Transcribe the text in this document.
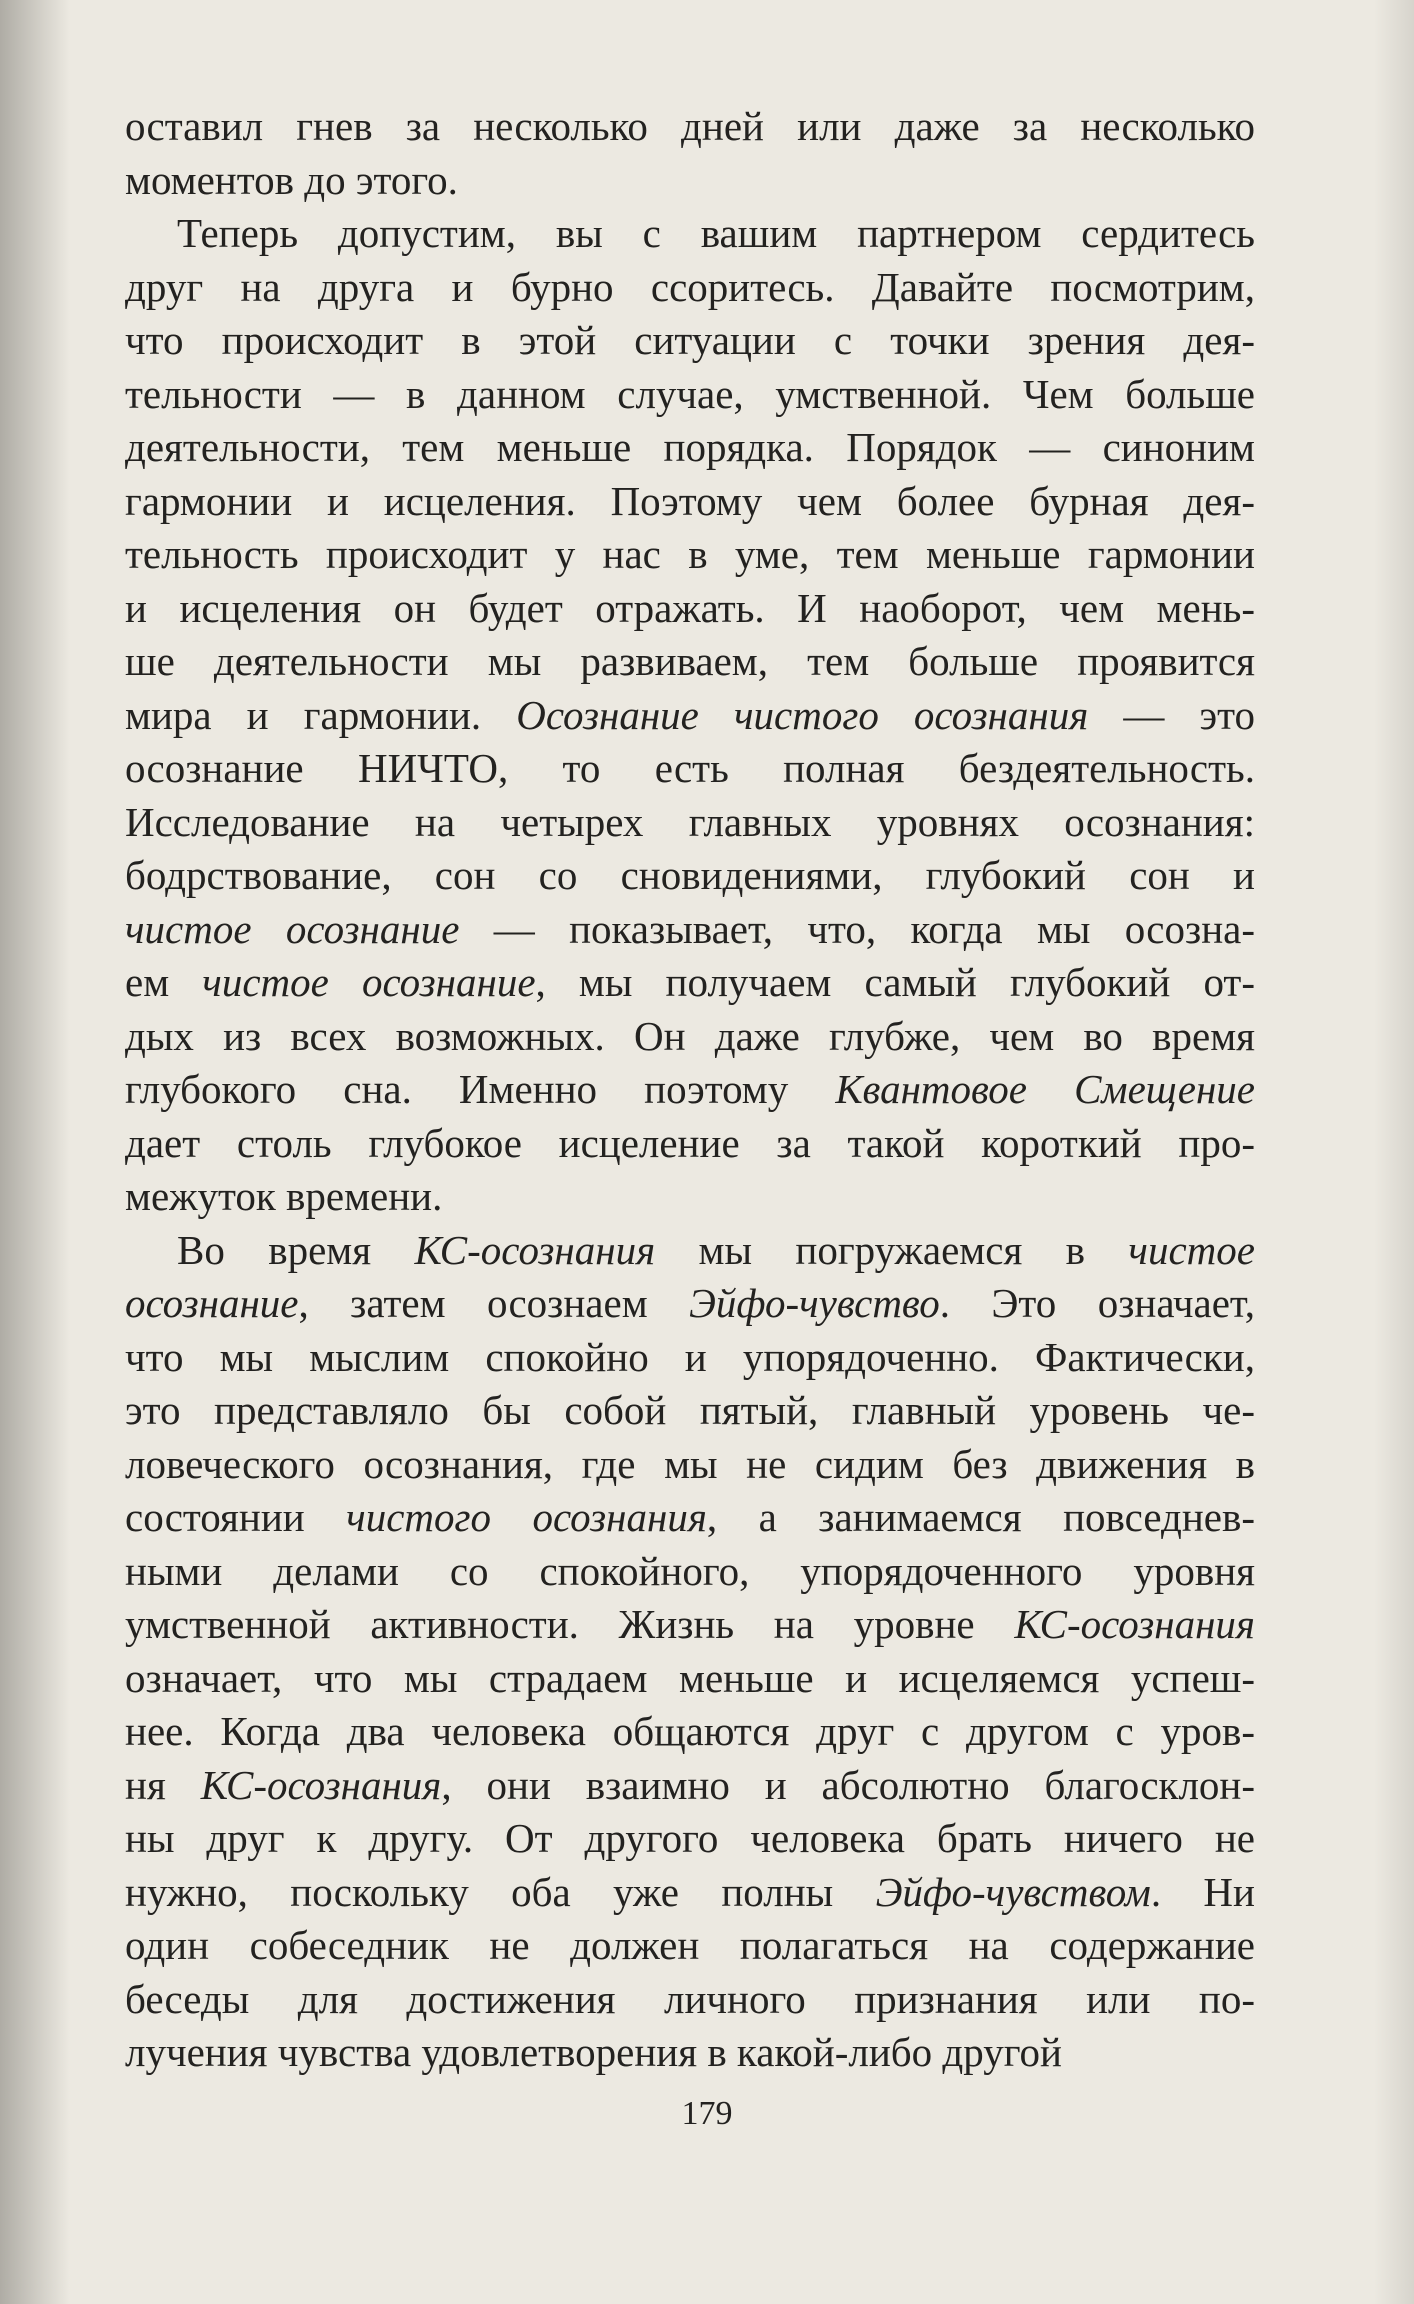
оставил гнев за несколько дней или даже за несколько
моментов до этого.

Теперь допустим, вы с вашим партнером сердитесь
друг на друга и бурно ссоритесь. Давайте посмотрим,
что происходит в этой ситуации с точки зрения дея-
тельности — в данном случае, умственной. Чем больше
деятельности, тем меньше порядка. Порядок — синоним
гармонии и исцеления. Поэтому чем более бурная дея-
тельность происходит у нас в уме, тем меньше гармонии
и исцеления он будет отражать. И наоборот, чем мень-
ше деятельности мы развиваем, тем больше проявится
мира и гармонии. Осознание чистого осознания — это
осознание НИЧТО, то есть полная бездеятельность.
Исследование на четырех главных уровнях осознания:
бодрствование, сон со сновидениями, глубокий сон и
чистое осознание — показывает, что, когда мы осозна-
ем чистое осознание, мы получаем самый глубокий от-
дых из всех возможных. Он даже глубже, чем во время
глубокого сна. Именно поэтому Квантовое Смещение
дает столь глубокое исцеление за такой короткий про-
межуток времени.

Во время КС-осознания мы погружаемся в чистое
осознание, затем осознаем Эйфо-чувство. Это означает,
что мы мыслим спокойно и упорядоченно. Фактически,
это представляло бы собой пятый, главный уровень че-
ловеческого осознания, где мы не сидим без движения в
состоянии чистого осознания, а занимаемся повседнев-
ными делами со спокойного, упорядоченного уровня
умственной активности. Жизнь на уровне КС-осознания
означает, что мы страдаем меньше и исцеляемся успеш-
нее. Когда два человека общаются друг с другом с уров-
ня КС-осознания, они взаимно и абсолютно благосклон-
ны друг к другу. От другого человека брать ничего не
нужно, поскольку оба уже полны Эйфо-чувством. Ни
один собеседник не должен полагаться на содержание
беседы для достижения личного признания или по-
лучения чувства удовлетворения в какой-либо другой

179
